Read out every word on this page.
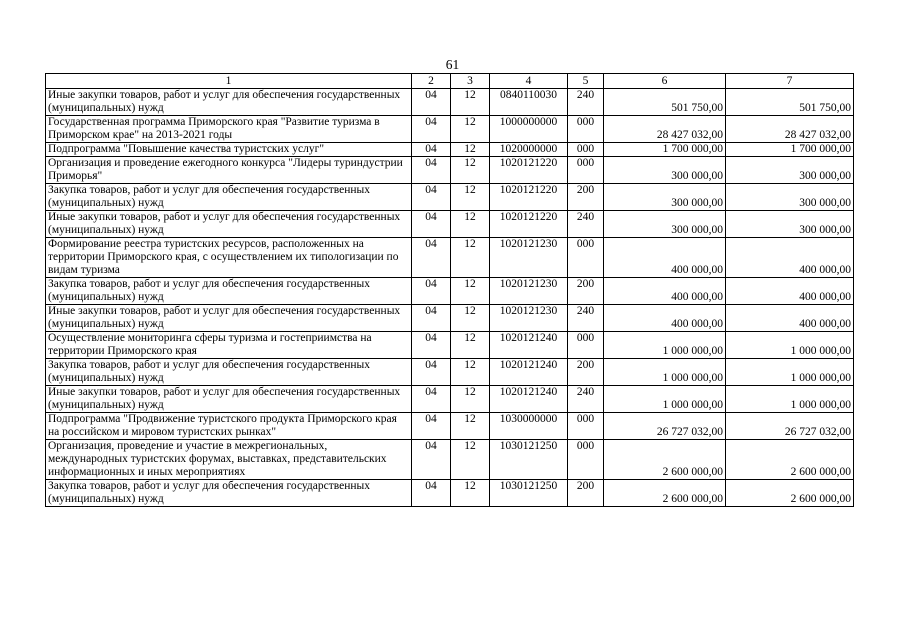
61
1	2	3	4	5	6	7
Иные закупки товаров, работ и услуг для обеспечения государственных (муниципальных) нужд	04	12	0840110030	240	501 750,00	501 750,00
Государственная программа Приморского края "Развитие туризма в Приморском крае" на 2013-2021 годы	04	12	1000000000	000	28 427 032,00	28 427 032,00
Подпрограмма "Повышение качества туристских услуг"	04	12	1020000000	000	1 700 000,00	1 700 000,00
Организация и проведение ежегодного конкурса "Лидеры туриндустрии Приморья"	04	12	1020121220	000	300 000,00	300 000,00
Закупка товаров, работ и услуг для обеспечения государственных (муниципальных) нужд	04	12	1020121220	200	300 000,00	300 000,00
Иные закупки товаров, работ и услуг для обеспечения государственных (муниципальных) нужд	04	12	1020121220	240	300 000,00	300 000,00
Формирование реестра туристских ресурсов, расположенных на территории Приморского края, с осуществлением их типологизации по видам туризма	04	12	1020121230	000	400 000,00	400 000,00
Закупка товаров, работ и услуг для обеспечения государственных (муниципальных) нужд	04	12	1020121230	200	400 000,00	400 000,00
Иные закупки товаров, работ и услуг для обеспечения государственных (муниципальных) нужд	04	12	1020121230	240	400 000,00	400 000,00
Осуществление мониторинга сферы туризма и гостеприимства на территории Приморского края	04	12	1020121240	000	1 000 000,00	1 000 000,00
Закупка товаров, работ и услуг для обеспечения государственных (муниципальных) нужд	04	12	1020121240	200	1 000 000,00	1 000 000,00
Иные закупки товаров, работ и услуг для обеспечения государственных (муниципальных) нужд	04	12	1020121240	240	1 000 000,00	1 000 000,00
Подпрограмма "Продвижение туристского продукта Приморского края на российском и мировом туристских рынках"	04	12	1030000000	000	26 727 032,00	26 727 032,00
Организация, проведение и участие в межрегиональных, международных туристских форумах, выставках, представительских информационных и иных мероприятиях	04	12	1030121250	000	2 600 000,00	2 600 000,00
Закупка товаров, работ и услуг для обеспечения государственных (муниципальных) нужд	04	12	1030121250	200	2 600 000,00	2 600 000,00
